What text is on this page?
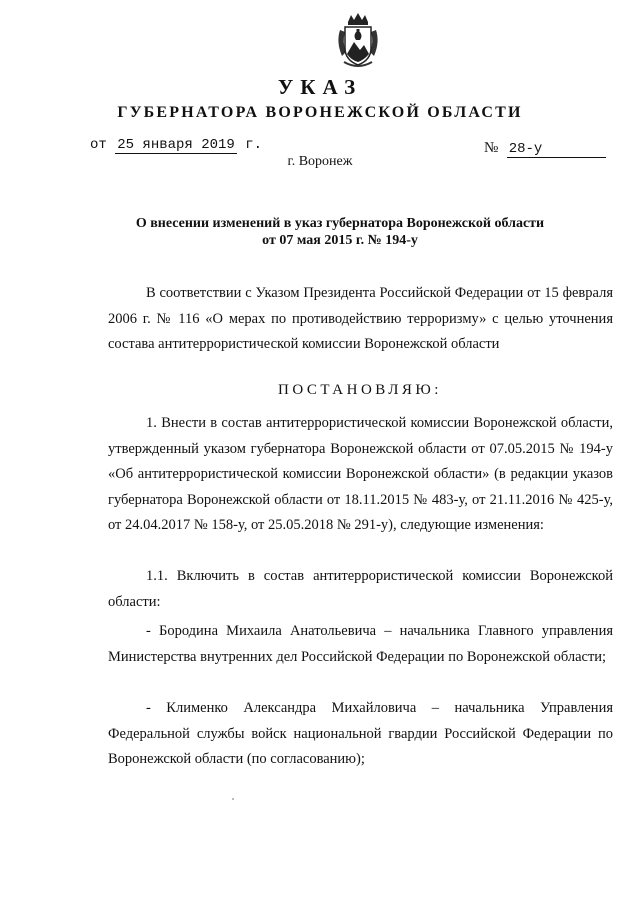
УКАЗ
ГУБЕРНАТОРА ВОРОНЕЖСКОЙ ОБЛАСТИ
от 25 января 2019 г.	№ 28-у
г. Воронеж
О внесении изменений в указ губернатора Воронежской области
от 07 мая 2015 г. № 194-у

В соответствии с Указом Президента Российской Федерации от 15 февраля 2006 г. № 116 «О мерах по противодействию терроризму» с целью уточнения состава антитеррористической комиссии Воронежской области

ПОСТАНОВЛЯЮ:

1. Внести в состав антитеррористической комиссии Воронежской области, утвержденный указом губернатора Воронежской области от 07.05.2015 № 194-у «Об антитеррористической комиссии Воронежской области» (в редакции указов губернатора Воронежской области от 18.11.2015 № 483-у, от 21.11.2016 № 425-у, от 24.04.2017 № 158-у, от 25.05.2018 № 291-у), следующие изменения:

1.1. Включить в состав антитеррористической комиссии Воронежской области:

- Бородина Михаила Анатольевича – начальника Главного управления Министерства внутренних дел Российской Федерации по Воронежской области;

- Клименко Александра Михайловича – начальника Управления Федеральной службы войск национальной гвардии Российской Федерации по Воронежской области (по согласованию);
